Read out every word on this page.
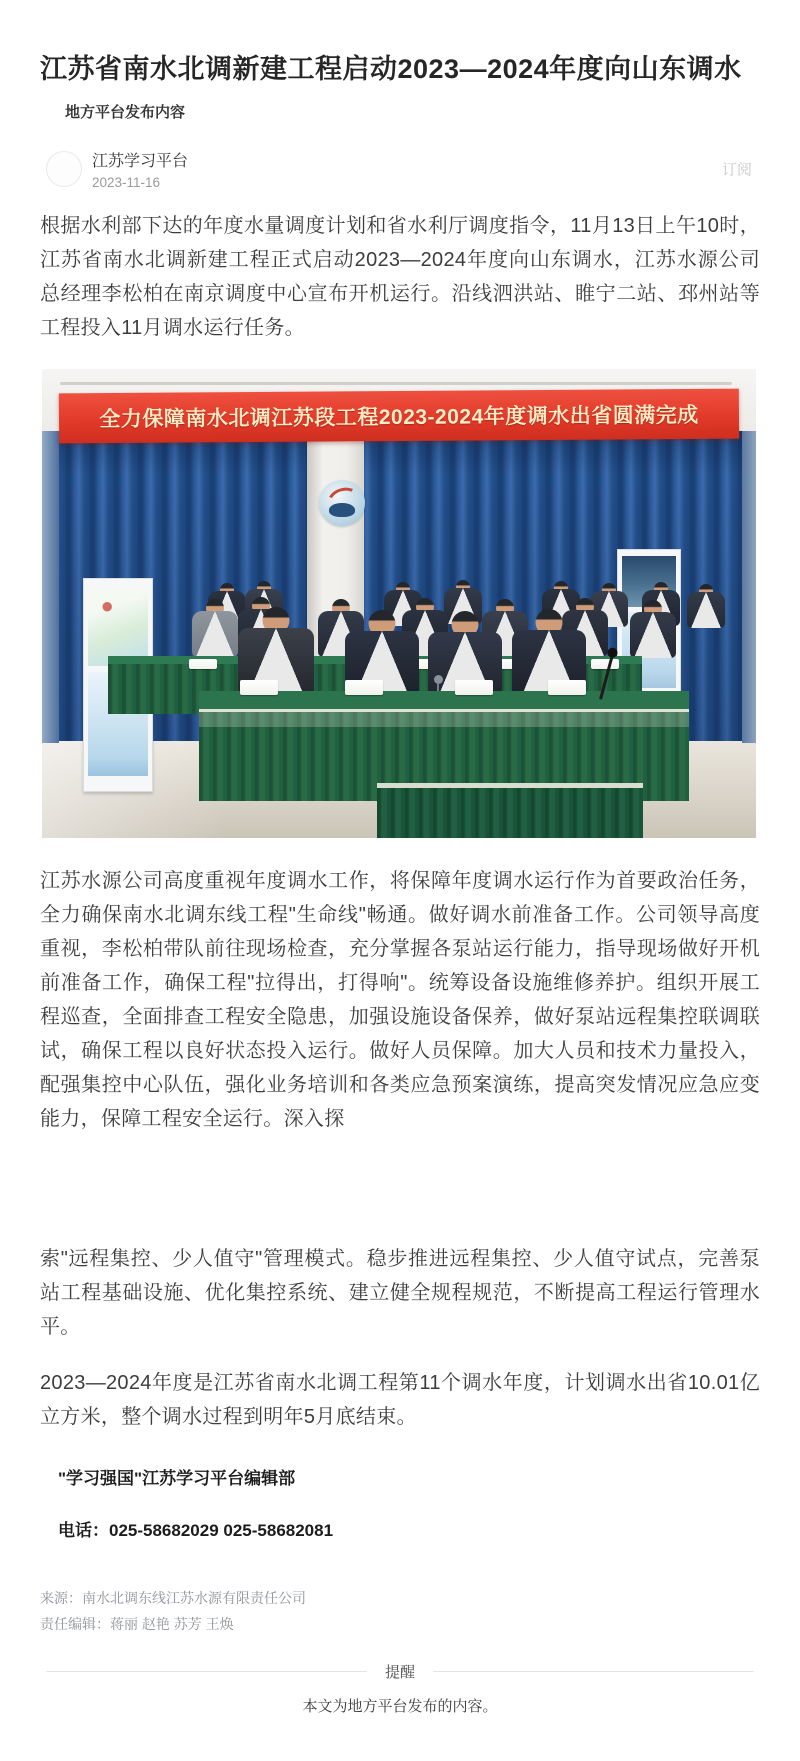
江苏省南水北调新建工程启动2023—2024年度向山东调水
地方平台发布内容
江苏学习平台
2023-11-16
订阅

根据水利部下达的年度水量调度计划和省水利厅调度指令，11月13日上午10时，江苏省南水北调新建工程正式启动2023—2024年度向山东调水，江苏水源公司总经理李松柏在南京调度中心宣布开机运行。沿线泗洪站、睢宁二站、邳州站等工程投入11月调水运行任务。

全力保障南水北调江苏段工程2023-2024年度调水出省圆满完成

江苏水源公司高度重视年度调水工作，将保障年度调水运行作为首要政治任务，全力确保南水北调东线工程"生命线"畅通。做好调水前准备工作。公司领导高度重视，李松柏带队前往现场检查，充分掌握各泵站运行能力，指导现场做好开机前准备工作，确保工程"拉得出，打得响"。统筹设备设施维修养护。组织开展工程巡查，全面排查工程安全隐患，加强设施设备保养，做好泵站远程集控联调联试，确保工程以良好状态投入运行。做好人员保障。加大人员和技术力量投入，配强集控中心队伍，强化业务培训和各类应急预案演练，提高突发情况应急应变能力，保障工程安全运行。深入探

索"远程集控、少人值守"管理模式。稳步推进远程集控、少人值守试点，完善泵站工程基础设施、优化集控系统、建立健全规程规范，不断提高工程运行管理水平。

2023—2024年度是江苏省南水北调工程第11个调水年度，计划调水出省10.01亿立方米，整个调水过程到明年5月底结束。

"学习强国"江苏学习平台编辑部

电话：025-58682029 025-58682081

来源：南水北调东线江苏水源有限责任公司
责任编辑：蒋丽 赵艳 苏芳 王焕
提醒
本文为地方平台发布的内容。
